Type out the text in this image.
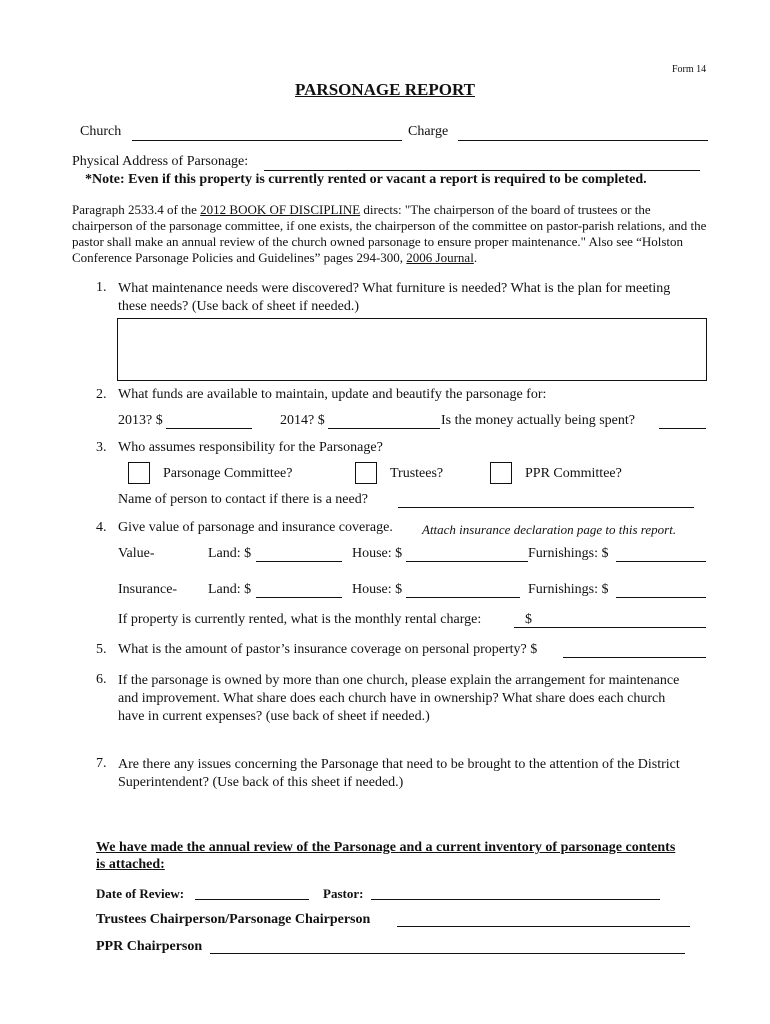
Form 14
PARSONAGE REPORT
Church	Charge
Physical Address of Parsonage:
*Note: Even if this property is currently rented or vacant a report is required to be completed.
Paragraph 2533.4 of the 2012 BOOK OF DISCIPLINE directs: "The chairperson of the board of trustees or the chairperson of the parsonage committee, if one exists, the chairperson of the committee on pastor-parish relations, and the pastor shall make an annual review of the church owned parsonage to ensure proper maintenance." Also see “Holston Conference Parsonage Policies and Guidelines” pages 294-300, 2006 Journal.
1. What maintenance needs were discovered? What furniture is needed? What is the plan for meeting these needs? (Use back of sheet if needed.)
2. What funds are available to maintain, update and beautify the parsonage for:
2013? $	2014? $	Is the money actually being spent?
3. Who assumes responsibility for the Parsonage?
Parsonage Committee?	Trustees?	PPR Committee?
Name of person to contact if there is a need?
4. Give value of parsonage and insurance coverage. Attach insurance declaration page to this report.
Value-	Land: $	House: $	Furnishings: $
Insurance- Land: $	House: $	Furnishings: $
If property is currently rented, what is the monthly rental charge:	$
5. What is the amount of pastor’s insurance coverage on personal property? $
6. If the parsonage is owned by more than one church, please explain the arrangement for maintenance and improvement. What share does each church have in ownership? What share does each church have in current expenses? (use back of sheet if needed.)
7. Are there any issues concerning the Parsonage that need to be brought to the attention of the District Superintendent? (Use back of this sheet if needed.)
We have made the annual review of the Parsonage and a current inventory of parsonage contents is attached:
Date of Review:	Pastor:
Trustees Chairperson/Parsonage Chairperson
PPR Chairperson
